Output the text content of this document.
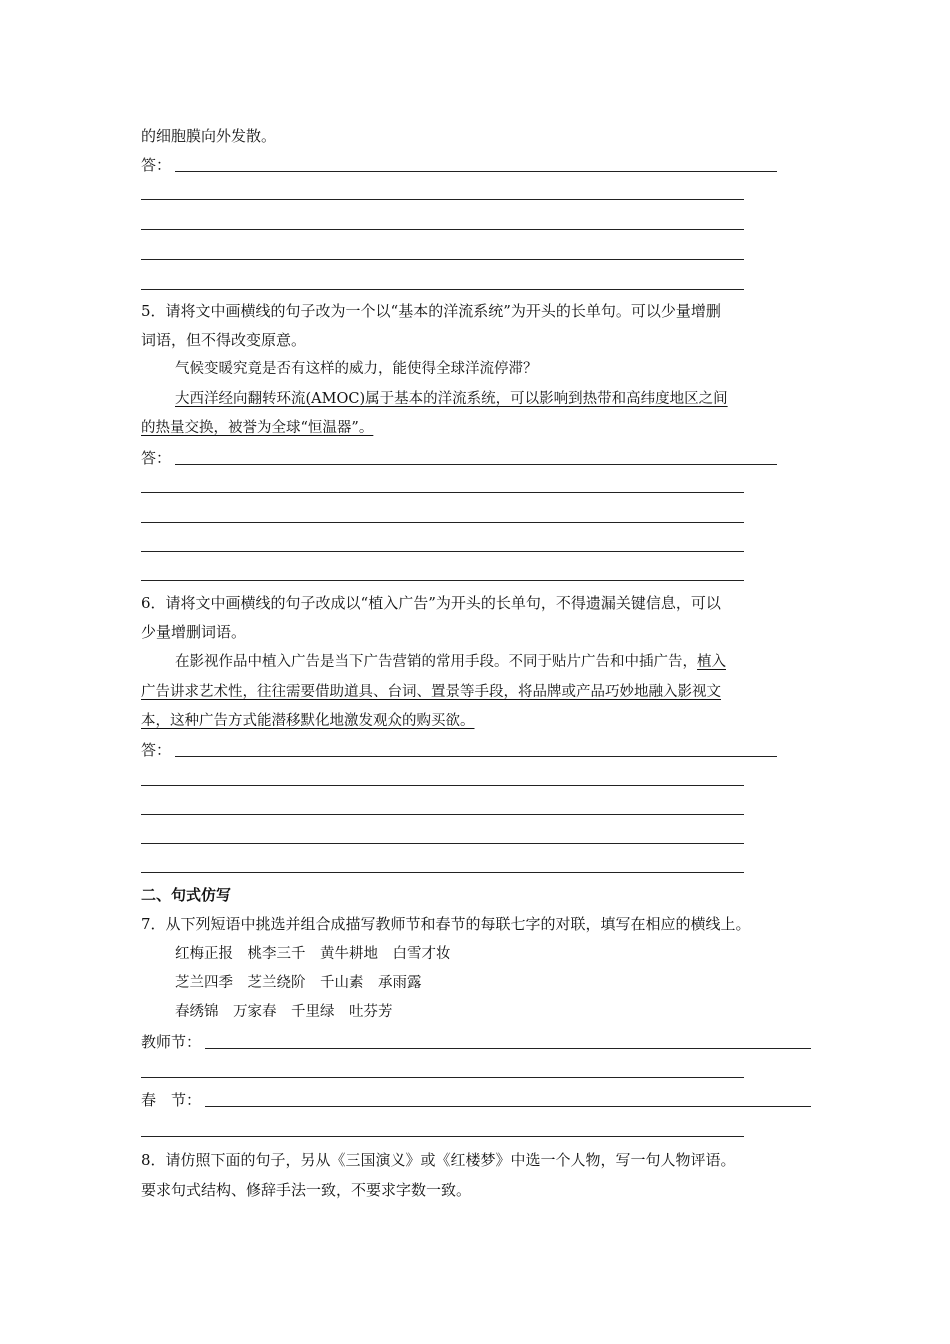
的细胞膜向外发散。
答：
5．请将文中画横线的句子改为一个以“基本的洋流系统”为开头的长单句。可以少量增删
词语，但不得改变原意。
气候变暖究竟是否有这样的威力，能使得全球洋流停滞？
大西洋经向翻转环流(AMOC)属于基本的洋流系统，可以影响到热带和高纬度地区之间
的热量交换，被誉为全球“恒温器”。
答：
6．请将文中画横线的句子改成以“植入广告”为开头的长单句，不得遗漏关键信息，可以
少量增删词语。
在影视作品中植入广告是当下广告营销的常用手段。不同于贴片广告和中插广告，植入
广告讲求艺术性，往往需要借助道具、台词、置景等手段，将品牌或产品巧妙地融入影视文
本，这种广告方式能潜移默化地激发观众的购买欲。
答：
二、句式仿写
7．从下列短语中挑选并组合成描写教师节和春节的每联七字的对联，填写在相应的横线上。
红梅正报　桃李三千　黄牛耕地　白雪才妆
芝兰四季　芝兰绕阶　千山素　承雨露
春绣锦　万家春　千里绿　吐芬芳
教师节：
春　节：
8．请仿照下面的句子，另从《三国演义》或《红楼梦》中选一个人物，写一句人物评语。
要求句式结构、修辞手法一致，不要求字数一致。
